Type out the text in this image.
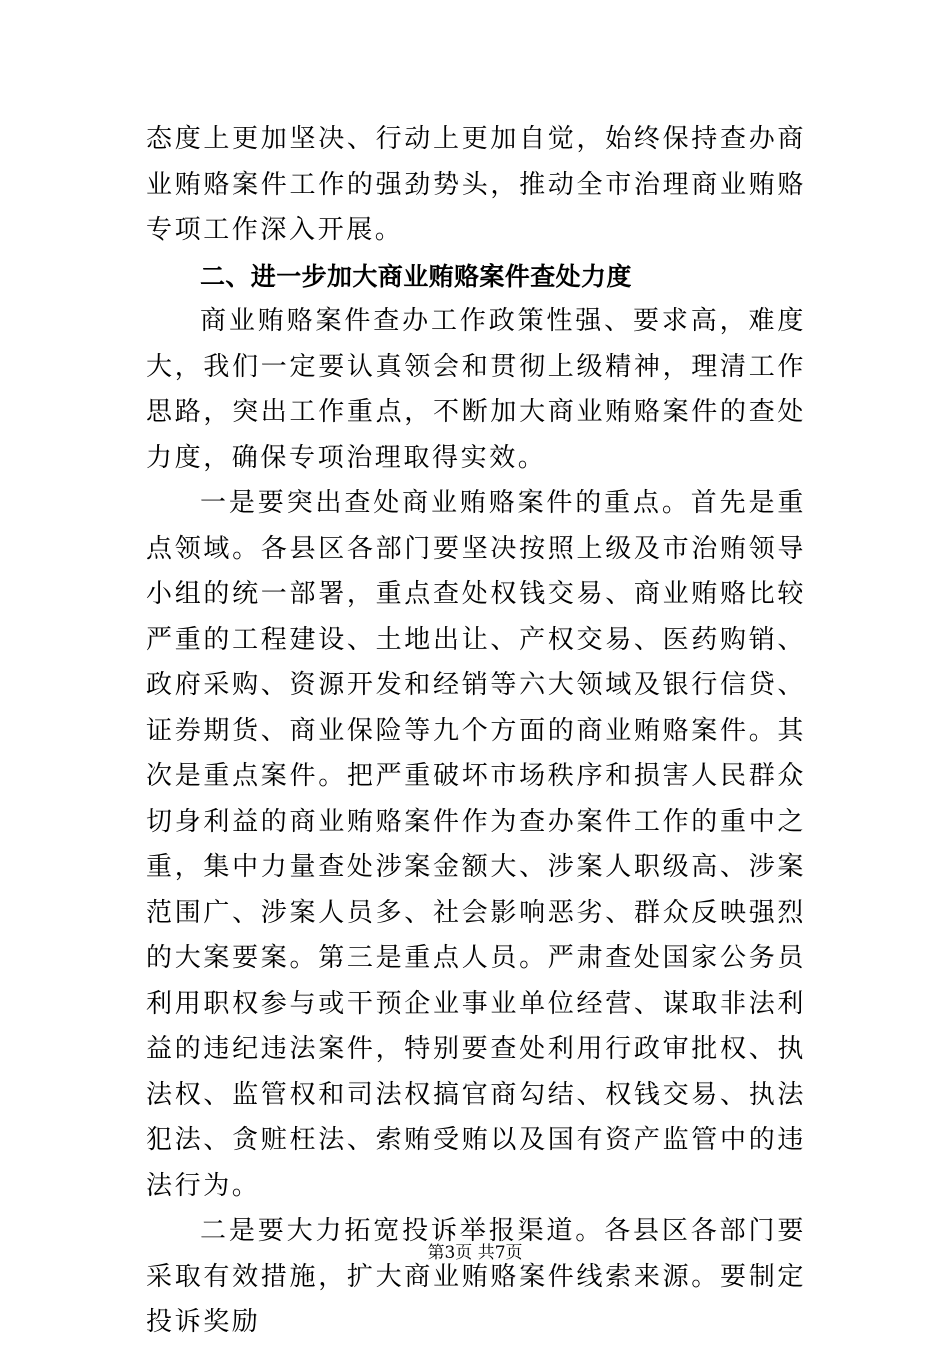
态度上更加坚决、行动上更加自觉，始终保持查办商业贿赂案件工作的强劲势头，推动全市治理商业贿赂专项工作深入开展。

二、进一步加大商业贿赂案件查处力度

商业贿赂案件查办工作政策性强、要求高，难度大，我们一定要认真领会和贯彻上级精神，理清工作思路，突出工作重点，不断加大商业贿赂案件的查处力度，确保专项治理取得实效。

一是要突出查处商业贿赂案件的重点。首先是重点领域。各县区各部门要坚决按照上级及市治贿领导小组的统一部署，重点查处权钱交易、商业贿赂比较严重的工程建设、土地出让、产权交易、医药购销、政府采购、资源开发和经销等六大领域及银行信贷、证券期货、商业保险等九个方面的商业贿赂案件。其次是重点案件。把严重破坏市场秩序和损害人民群众切身利益的商业贿赂案件作为查办案件工作的重中之重，集中力量查处涉案金额大、涉案人职级高、涉案范围广、涉案人员多、社会影响恶劣、群众反映强烈的大案要案。第三是重点人员。严肃查处国家公务员利用职权参与或干预企业事业单位经营、谋取非法利益的违纪违法案件，特别要查处利用行政审批权、执法权、监管权和司法权搞官商勾结、权钱交易、执法犯法、贪赃枉法、索贿受贿以及国有资产监管中的违法行为。

二是要大力拓宽投诉举报渠道。各县区各部门要采取有效措施，扩大商业贿赂案件线索来源。要制定投诉奖励

第3页 共7页
